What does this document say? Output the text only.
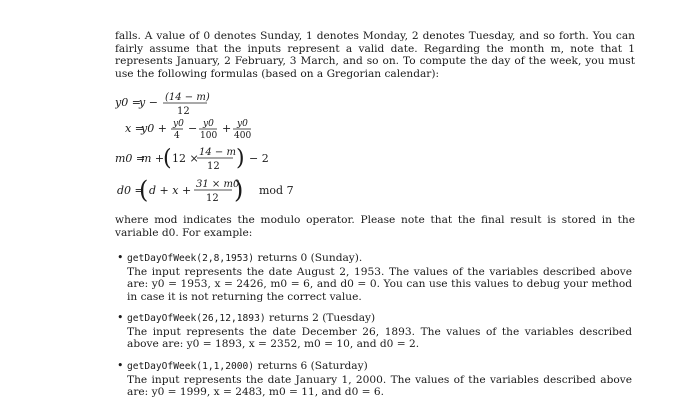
falls. A value of 0 denotes Sunday, 1 denotes Monday, 2 denotes Tuesday, and so forth. You can fairly assume that the inputs represent a valid date. Regarding the month m, note that 1 represents January, 2 February, 3 March, and so on. To compute the day of the week, you must use the following formulas (based on a Gregorian calendar):
y0 =
y − (14 − m)
12
x =
y0 + y0
4
− y0
100
+ y0
400
m0 =
m +
( 12 × 14 − m
12 ) − 2
d0 =
( d + x + 31 × m0
12 ) mod 7
where mod indicates the modulo operator. Please note that the final result is stored in the variable d0. For example:
• getDayOfWeek(2,8,1953) returns 0 (Sunday).
The input represents the date August 2, 1953. The values of the variables described above are: y0 = 1953, x = 2426, m0 = 6, and d0 = 0. You can use this values to debug your method in case it is not returning the correct value.
• getDayOfWeek(26,12,1893) returns 2 (Tuesday)
The input represents the date December 26, 1893. The values of the variables described above are: y0 = 1893, x = 2352, m0 = 10, and d0 = 2.
• getDayOfWeek(1,1,2000) returns 6 (Saturday)
The input represents the date January 1, 2000. The values of the variables described above are: y0 = 1999, x = 2483, m0 = 11, and d0 = 6.
